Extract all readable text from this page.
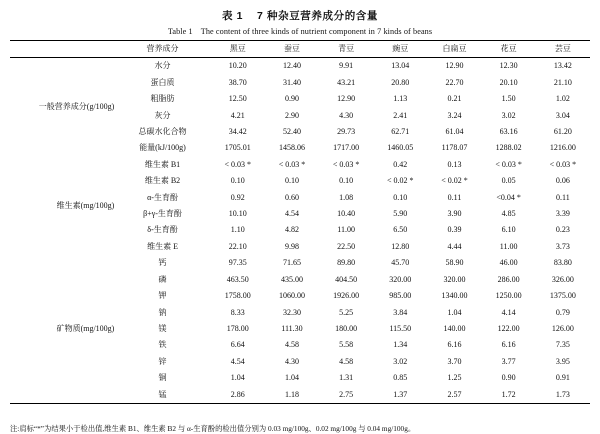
表 1 7 种杂豆营养成分的含量
Table 1 The content of three kinds of nutrient component in 7 kinds of beans
	营养成分	黑豆	蚕豆	青豆	豌豆	白扁豆	花豆	芸豆
一般营养成分(g/100g)	水分	10.20	12.40	9.91	13.04	12.90	12.30	13.42
	蛋白质	38.70	31.40	43.21	20.80	22.70	20.10	21.10
	粗脂肪	12.50	0.90	12.90	1.13	0.21	1.50	1.02
	灰分	4.21	2.90	4.30	2.41	3.24	3.02	3.04
	总碳水化合物	34.42	52.40	29.73	62.71	61.04	63.16	61.20
	能量(kJ/100g)	1705.01	1458.06	1717.00	1460.05	1178.07	1288.02	1216.00
维生素(mg/100g)	维生素 B1	< 0.03 *	< 0.03 *	< 0.03 *	0.42	0.13	< 0.03 *	< 0.03 *
	维生素 B2	0.10	0.10	0.10	< 0.02 *	< 0.02 *	0.05	0.06
	α-生育酚	0.92	0.60	1.08	0.10	0.11	<0.04 *	0.11
	β+γ-生育酚	10.10	4.54	10.40	5.90	3.90	4.85	3.39
	δ-生育酚	1.10	4.82	11.00	6.50	0.39	6.10	0.23
	维生素 E	22.10	9.98	22.50	12.80	4.44	11.00	3.73
矿物质(mg/100g)	钙	97.35	71.65	89.80	45.70	58.90	46.00	83.80
	磷	463.50	435.00	404.50	320.00	320.00	286.00	326.00
	钾	1758.00	1060.00	1926.00	985.00	1340.00	1250.00	1375.00
	钠	8.33	32.30	5.25	3.84	1.04	4.14	0.79
	镁	178.00	111.30	180.00	115.50	140.00	122.00	126.00
	铁	6.64	4.58	5.58	1.34	6.16	6.16	7.35
	锌	4.54	4.30	4.58	3.02	3.70	3.77	3.95
	铜	1.04	1.04	1.31	0.85	1.25	0.90	0.91
	锰	2.86	1.18	2.75	1.37	2.57	1.72	1.73

注:肩标“*”为结果小于检出值,维生素 B1、维生素 B2 与 α-生育酚的检出值分别为 0.03 mg/100g、0.02 mg/100g 与 0.04 mg/100g。
